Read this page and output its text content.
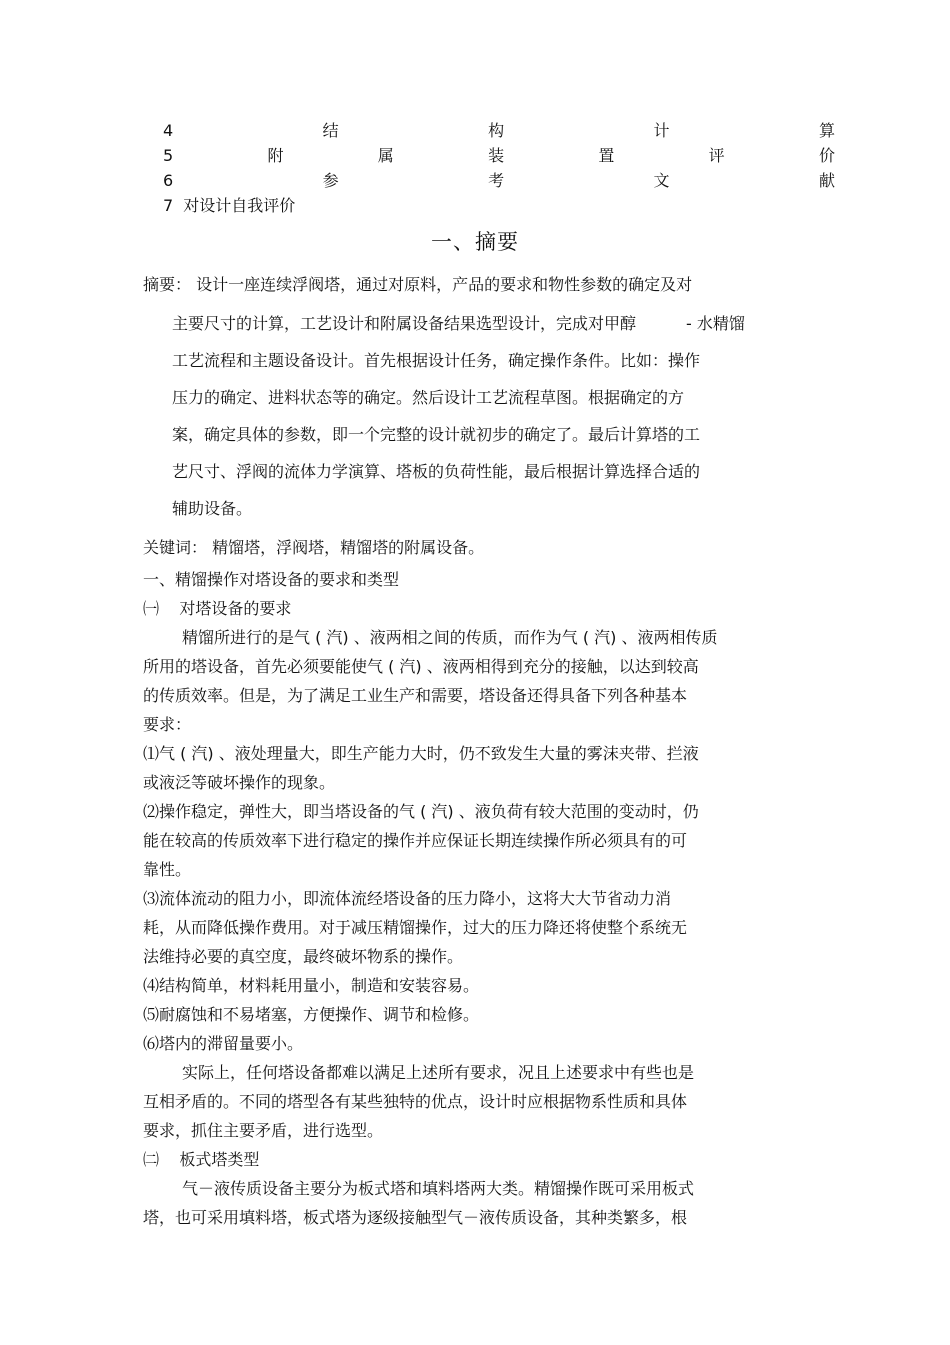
4	结	构	计	算
5	附	属	装	置	评	价
6	参	考	文	献
7 对设计自我评价
一、摘要
摘要： 设计一座连续浮阀塔，通过对原料，产品的要求和物性参数的确定及对
主要尺寸的计算，工艺设计和附属设备结果选型设计，完成对甲醇	- 水精馏
工艺流程和主题设备设计。首先根据设计任务，确定操作条件。比如：操作
压力的确定、进料状态等的确定。然后设计工艺流程草图。根据确定的方
案，确定具体的参数，即一个完整的设计就初步的确定了。最后计算塔的工
艺尺寸、浮阀的流体力学演算、塔板的负荷性能，最后根据计算选择合适的
辅助设备。
关键词： 精馏塔，浮阀塔，精馏塔的附属设备。
一、精馏操作对塔设备的要求和类型
㈠ 对塔设备的要求
精馏所进行的是气 ( 汽) 、液两相之间的传质，而作为气 ( 汽) 、液两相传质
所用的塔设备，首先必须要能使气 ( 汽) 、液两相得到充分的接触，以达到较高
的传质效率。但是，为了满足工业生产和需要，塔设备还得具备下列各种基本
要求：
⑴气 ( 汽) 、液处理量大，即生产能力大时，仍不致发生大量的雾沫夹带、拦液
或液泛等破坏操作的现象。
⑵操作稳定，弹性大，即当塔设备的气 ( 汽) 、液负荷有较大范围的变动时，仍
能在较高的传质效率下进行稳定的操作并应保证长期连续操作所必须具有的可
靠性。
⑶流体流动的阻力小，即流体流经塔设备的压力降小，这将大大节省动力消
耗，从而降低操作费用。对于减压精馏操作，过大的压力降还将使整个系统无
法维持必要的真空度，最终破坏物系的操作。
⑷结构简单，材料耗用量小，制造和安装容易。
⑸耐腐蚀和不易堵塞，方便操作、调节和检修。
⑹塔内的滞留量要小。
实际上，任何塔设备都难以满足上述所有要求，况且上述要求中有些也是
互相矛盾的。不同的塔型各有某些独特的优点，设计时应根据物系性质和具体
要求，抓住主要矛盾，进行选型。
㈡ 板式塔类型
气－液传质设备主要分为板式塔和填料塔两大类。精馏操作既可采用板式
塔，也可采用填料塔，板式塔为逐级接触型气－液传质设备，其种类繁多，根
